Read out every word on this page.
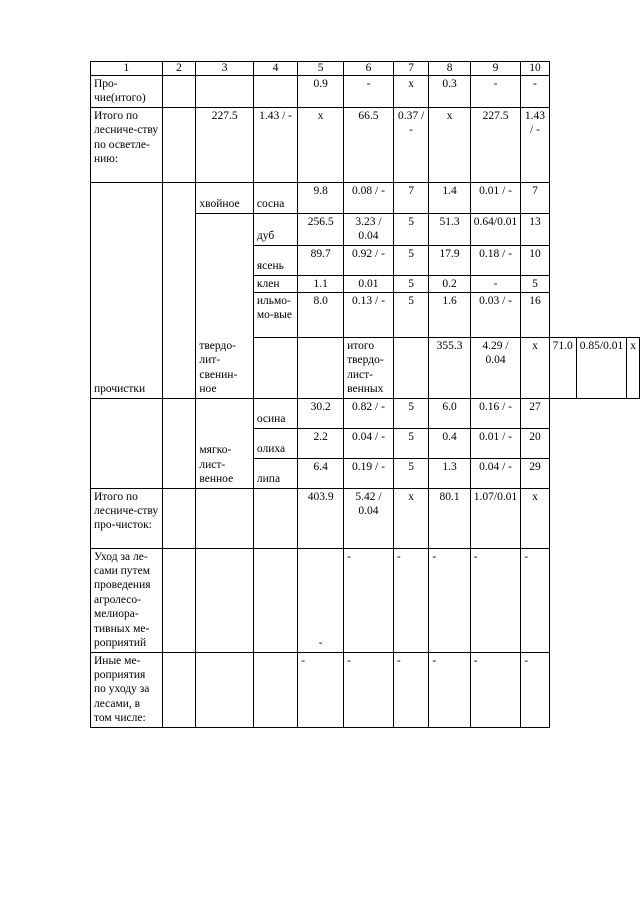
1	2	3	4	5	6	7	8	9	10			
Про-чие(итого)				0.9	-	х	0.3	-	-			
Итого по лесниче-ству по осветле-нию:		227.5	1.43 / -	х	66.5	0.37 / -	х	227.5	1.43 / -			
прочистки		хвойное	сосна	9.8	0.08 / -	7	1.4	0.01 / -	7			
		твердо-лит-свенин-ное	дуб	256.5	3.23 / 0.04	5	51.3	0.64/0.01	13			
			ясень	89.7	0.92 / -	5	17.9	0.18 / -	10			
			клен	1.1	0.01	5	0.2	-	5			
			ильмо-мо-вые	8.0	0.13 / -	5	1.6	0.03 / -	16			
					итого твердо-лист-венных		355.3	4.29 / 0.04	х	71.0	0.85/0.01	х
		мягко-лист-венное	осина	30.2	0.82 / -	5	6.0	0.16 / -	27			
			олиха	2.2	0.04 / -	5	0.4	0.01 / -	20			
			липа	6.4	0.19 / -	5	1.3	0.04 / -	29			
Итого по лесниче-ству про-чисток:				403.9	5.42 / 0.04	х	80.1	1.07/0.01	х			
Уход за ле-сами путем проведения агролесо-мелиора-тивных ме-роприятий				-	-	-	-	-	-			
Иные ме-роприятия по уходу за лесами, в том числе:				-	-	-	-	-	-			
